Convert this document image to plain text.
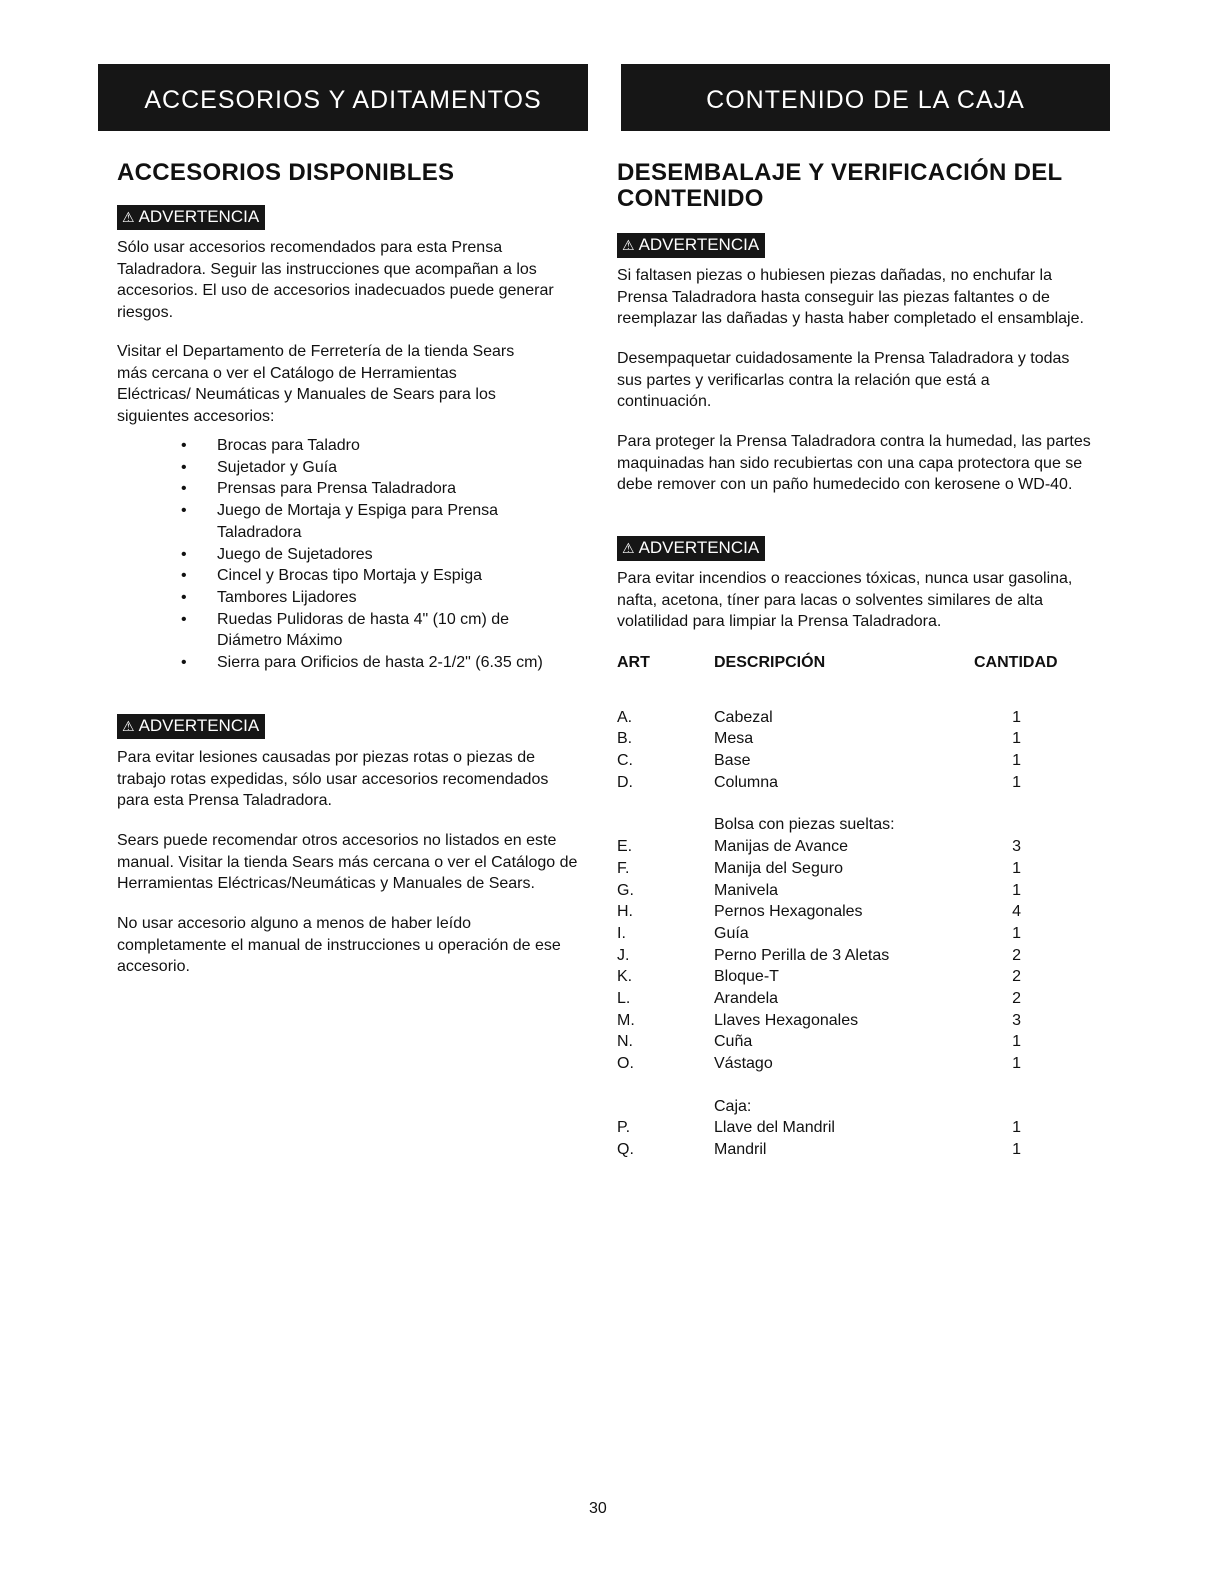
ACCESORIOS Y ADITAMENTOS	CONTENIDO DE LA CAJA
ACCESORIOS DISPONIBLES
⚠ ADVERTENCIA

Sólo usar accesorios recomendados para esta Prensa Taladradora. Seguir las instrucciones que acompañan a los accesorios. El uso de accesorios inadecuados puede generar riesgos.

Visitar el Departamento de Ferretería de la tienda Sears más cercana o ver el Catálogo de Herramientas Eléctricas/ Neumáticas y Manuales de Sears para los siguientes accesorios:

• Brocas para Taladro
• Sujetador y Guía
• Prensas para Prensa Taladradora
• Juego de Mortaja y Espiga para Prensa Taladradora
• Juego de Sujetadores
• Cincel y Brocas tipo Mortaja y Espiga
• Tambores Lijadores
• Ruedas Pulidoras de hasta 4" (10 cm) de Diámetro Máximo
• Sierra para Orificios de hasta 2-1/2" (6.35 cm)
⚠ ADVERTENCIA

Para evitar lesiones causadas por piezas rotas o piezas de trabajo rotas expedidas, sólo usar accesorios recomendados para esta Prensa Taladradora.

Sears puede recomendar otros accesorios no listados en este manual. Visitar la tienda Sears más cercana o ver el Catálogo de Herramientas Eléctricas/Neumáticas y Manuales de Sears.

No usar accesorio alguno a menos de haber leído completamente el manual de instrucciones u operación de ese accesorio.

DESEMBALAJE Y VERIFICACIÓN DEL CONTENIDO
⚠ ADVERTENCIA

Si faltasen piezas o hubiesen piezas dañadas, no enchufar la Prensa Taladradora hasta conseguir las piezas faltantes o de reemplazar las dañadas y hasta haber completado el ensamblaje.

Desempaquetar cuidadosamente la Prensa Taladradora y todas sus partes y verificarlas contra la relación que está a continuación.

Para proteger la Prensa Taladradora contra la humedad, las partes maquinadas han sido recubiertas con una capa protectora que se debe remover con un paño humedecido con kerosene o WD-40.

⚠ ADVERTENCIA

Para evitar incendios o reacciones tóxicas, nunca usar gasolina, nafta, acetona, tíner para lacas o solventes similares de alta volatilidad para limpiar la Prensa Taladradora.

ART	DESCRIPCIÓN	CANTIDAD
A.	Cabezal	1
B.	Mesa	1
C.	Base	1
D.	Columna	1
Bolsa con piezas sueltas:
E.	Manijas de Avance	3
F.	Manija del Seguro	1
G.	Manivela	1
H.	Pernos Hexagonales	4
I.	Guía	1
J.	Perno Perilla de 3 Aletas	2
K.	Bloque-T	2
L.	Arandela	2
M.	Llaves Hexagonales	3
N.	Cuña	1
O.	Vástago	1
Caja:
P.	Llave del Mandril	1
Q.	Mandril	1
30
